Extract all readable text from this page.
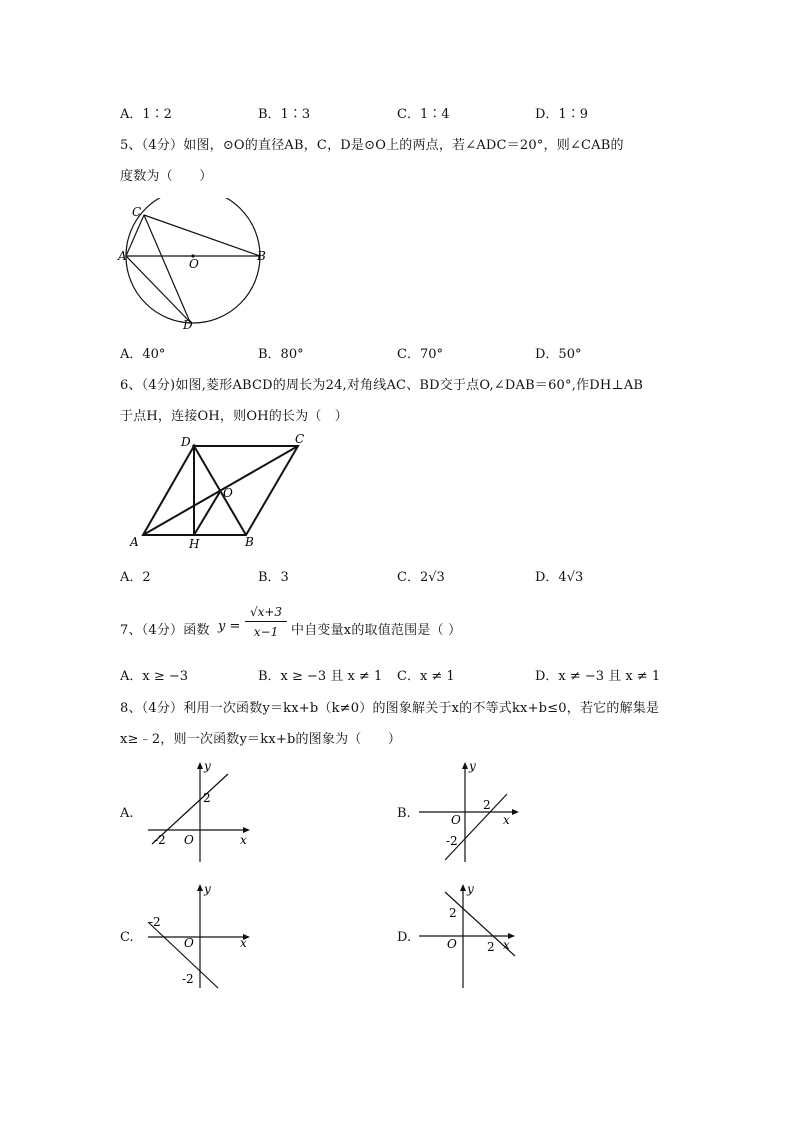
A．1∶2	B．1∶3	C．1∶4	D．1∶9
5、（4分）如图，⊙O的直径AB，C，D是⊙O上的两点，若∠ADC＝20°，则∠CAB的
度数为（　　）
C
A
O
B
D
A．40°	B．80°	C．70°	D．50°
6、（4分)如图,菱形ABCD的周长为24,对角线AC、BD交于点O,∠DAB＝60°,作DH⊥AB
于点H，连接OH，则OH的长为（　）
D	C
O
A	H	B
A．2	B．3	C．2√3	D．4√3
7、（4分）函数 $y = \frac{√x+3}{x-1}$ 中自变量x的取值范围是（ ）
A．x ≥ −3	B．x ≥ −3 且 x ≠ 1 C．x ≠ 1	D．x ≠ −3 且 x ≠ 1
8、（4分）利用一次函数y＝kx+b（k≠0）的图象解关于x的不等式kx+b≤0，若它的解集是
x≥﹣2，则一次函数y＝kx+b的图象为（　　）
A.
y
x
O
2
-2
B.
y
x
O
2
-2
C.
y
x
O
-2
-2
D.
y
x
O
2
2
